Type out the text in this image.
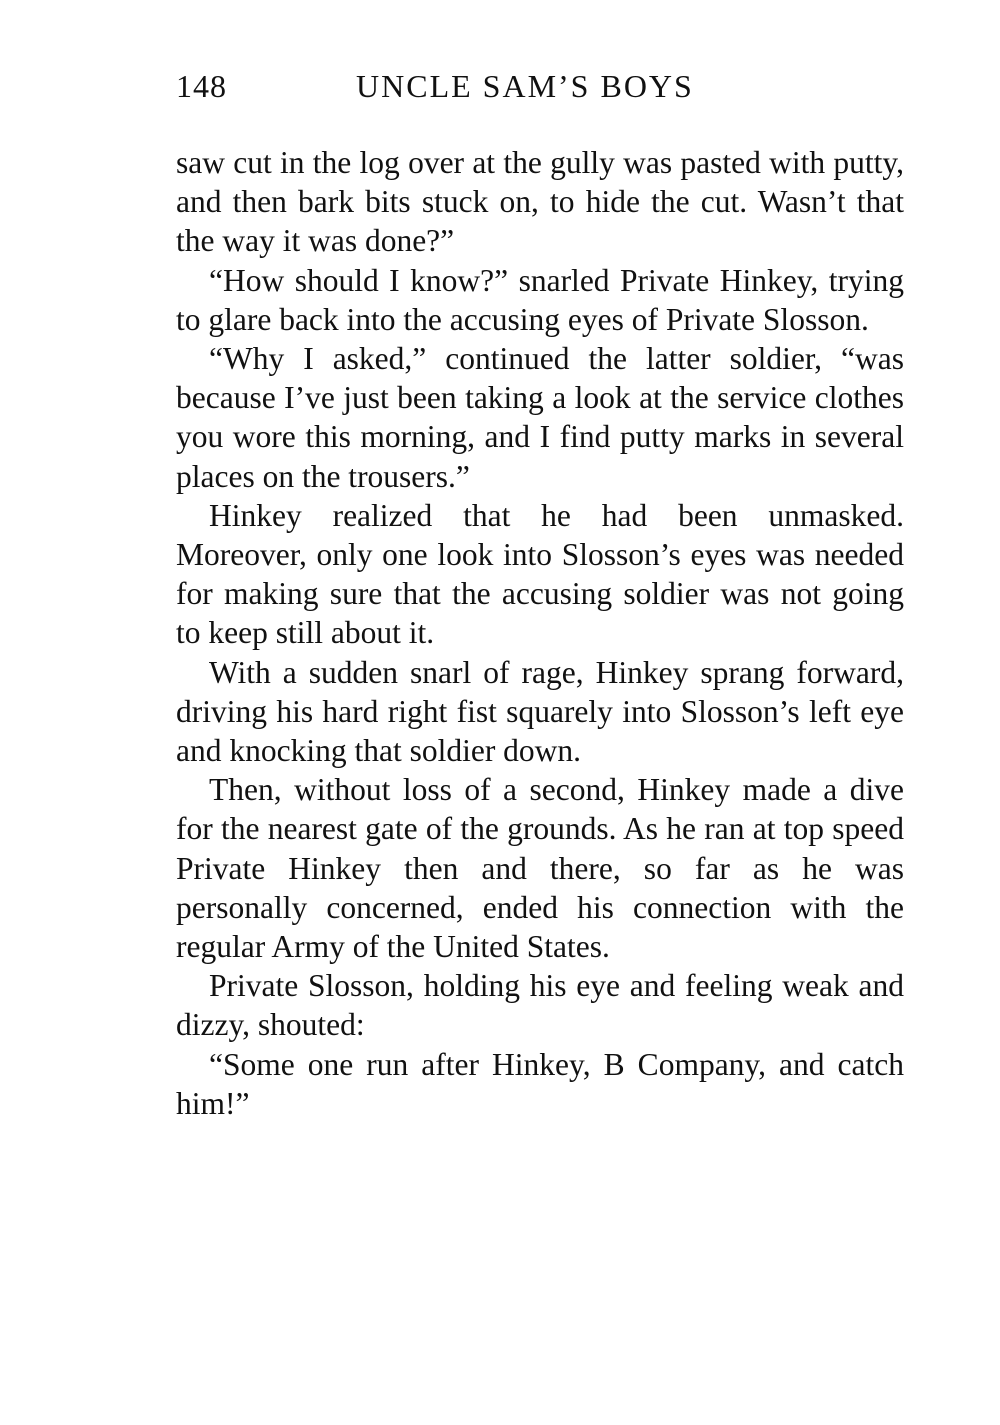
148	UNCLE SAM’S BOYS

saw cut in the log over at the gully was pasted with putty, and then bark bits stuck on, to hide the cut. Wasn’t that the way it was done?”

“How should I know?” snarled Private Hinkey, trying to glare back into the accusing eyes of Private Slosson.

“Why I asked,” continued the latter soldier, “was because I’ve just been taking a look at the service clothes you wore this morning, and I find putty marks in several places on the trousers.”

Hinkey realized that he had been unmasked. Moreover, only one look into Slosson’s eyes was needed for making sure that the accusing soldier was not going to keep still about it.

With a sudden snarl of rage, Hinkey sprang forward, driving his hard right fist squarely into Slosson’s left eye and knocking that soldier down.

Then, without loss of a second, Hinkey made a dive for the nearest gate of the grounds. As he ran at top speed Private Hinkey then and there, so far as he was personally concerned, ended his connection with the regular Army of the United States.

Private Slosson, holding his eye and feeling weak and dizzy, shouted:

“Some one run after Hinkey, B Company, and catch him!”
